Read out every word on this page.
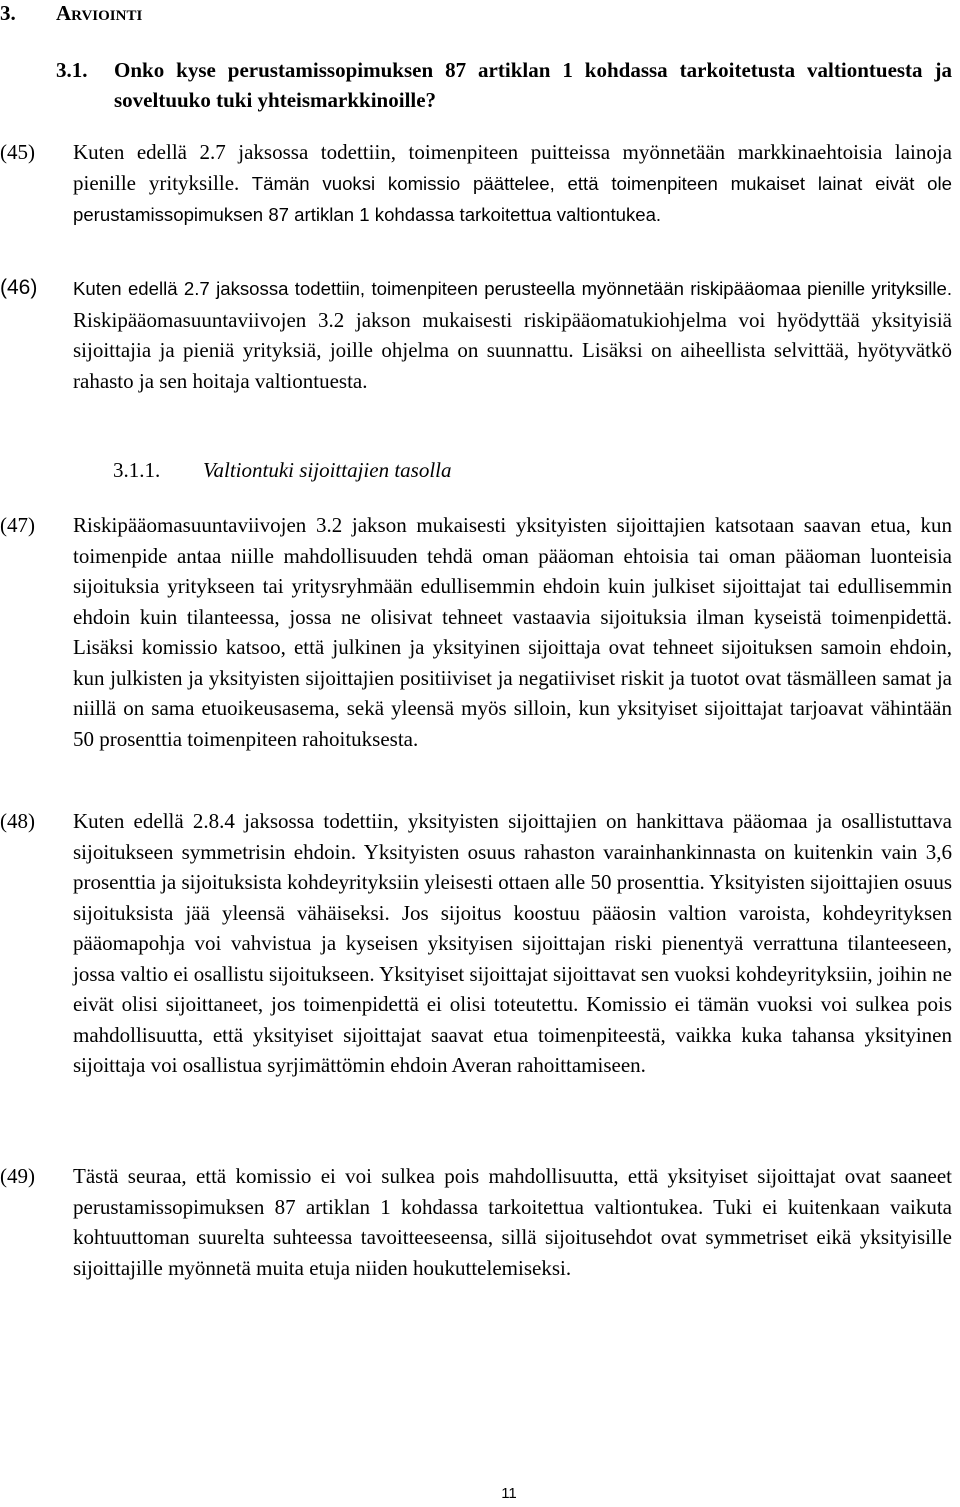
3. Arviointi
3.1. Onko kyse perustamissopimuksen 87 artiklan 1 kohdassa tarkoitetusta valtiontuesta ja soveltuuko tuki yhteismarkkinoille?
(45) Kuten edellä 2.7 jaksossa todettiin, toimenpiteen puitteissa myönnetään markkinaehtoisia lainoja pienille yrityksille. Tämän vuoksi komissio päättelee, että toimenpiteen mukaiset lainat eivät ole perustamissopimuksen 87 artiklan 1 kohdassa tarkoitettua valtiontukea.
(46) Kuten edellä 2.7 jaksossa todettiin, toimenpiteen perusteella myönnetään riskipääomaa pienille yrityksille. Riskipääomasuuntaviivojen 3.2 jakson mukaisesti riskipääomatukiohjelma voi hyödyttää yksityisiä sijoittajia ja pieniä yrityksiä, joille ohjelma on suunnattu. Lisäksi on aiheellista selvittää, hyötyvätkö rahasto ja sen hoitaja valtiontuesta.
3.1.1. Valtiontuki sijoittajien tasolla
(47) Riskipääomasuuntaviivojen 3.2 jakson mukaisesti yksityisten sijoittajien katsotaan saavan etua, kun toimenpide antaa niille mahdollisuuden tehdä oman pääoman ehtoisia tai oman pääoman luonteisia sijoituksia yritykseen tai yritysryhmään edullisemmin ehdoin kuin julkiset sijoittajat tai edullisemmin ehdoin kuin tilanteessa, jossa ne olisivat tehneet vastaavia sijoituksia ilman kyseistä toimenpidettä. Lisäksi komissio katsoo, että julkinen ja yksityinen sijoittaja ovat tehneet sijoituksen samoin ehdoin, kun julkisten ja yksityisten sijoittajien positiiviset ja negatiiviset riskit ja tuotot ovat täsmälleen samat ja niillä on sama etuoikeusasema, sekä yleensä myös silloin, kun yksityiset sijoittajat tarjoavat vähintään 50 prosenttia toimenpiteen rahoituksesta.
(48) Kuten edellä 2.8.4 jaksossa todettiin, yksityisten sijoittajien on hankittava pääomaa ja osallistuttava sijoitukseen symmetrisin ehdoin. Yksityisten osuus rahaston varainhankinnasta on kuitenkin vain 3,6 prosenttia ja sijoituksista kohdeyrityksiin yleisesti ottaen alle 50 prosenttia. Yksityisten sijoittajien osuus sijoituksista jää yleensä vähäiseksi. Jos sijoitus koostuu pääosin valtion varoista, kohdeyrityksen pääomapohja voi vahvistua ja kyseisen yksityisen sijoittajan riski pienentyä verrattuna tilanteeseen, jossa valtio ei osallistu sijoitukseen. Yksityiset sijoittajat sijoittavat sen vuoksi kohdeyrityksiin, joihin ne eivät olisi sijoittaneet, jos toimenpidettä ei olisi toteutettu. Komissio ei tämän vuoksi voi sulkea pois mahdollisuutta, että yksityiset sijoittajat saavat etua toimenpiteestä, vaikka kuka tahansa yksityinen sijoittaja voi osallistua syrjimättömin ehdoin Averan rahoittamiseen.
(49) Tästä seuraa, että komissio ei voi sulkea pois mahdollisuutta, että yksityiset sijoittajat ovat saaneet perustamissopimuksen 87 artiklan 1 kohdassa tarkoitettua valtiontukea. Tuki ei kuitenkaan vaikuta kohtuuttoman suurelta suhteessa tavoitteeseensa, sillä sijoitusehdot ovat symmetriset eikä yksityisille sijoittajille myönnetä muita etuja niiden houkuttelemiseksi.
11
